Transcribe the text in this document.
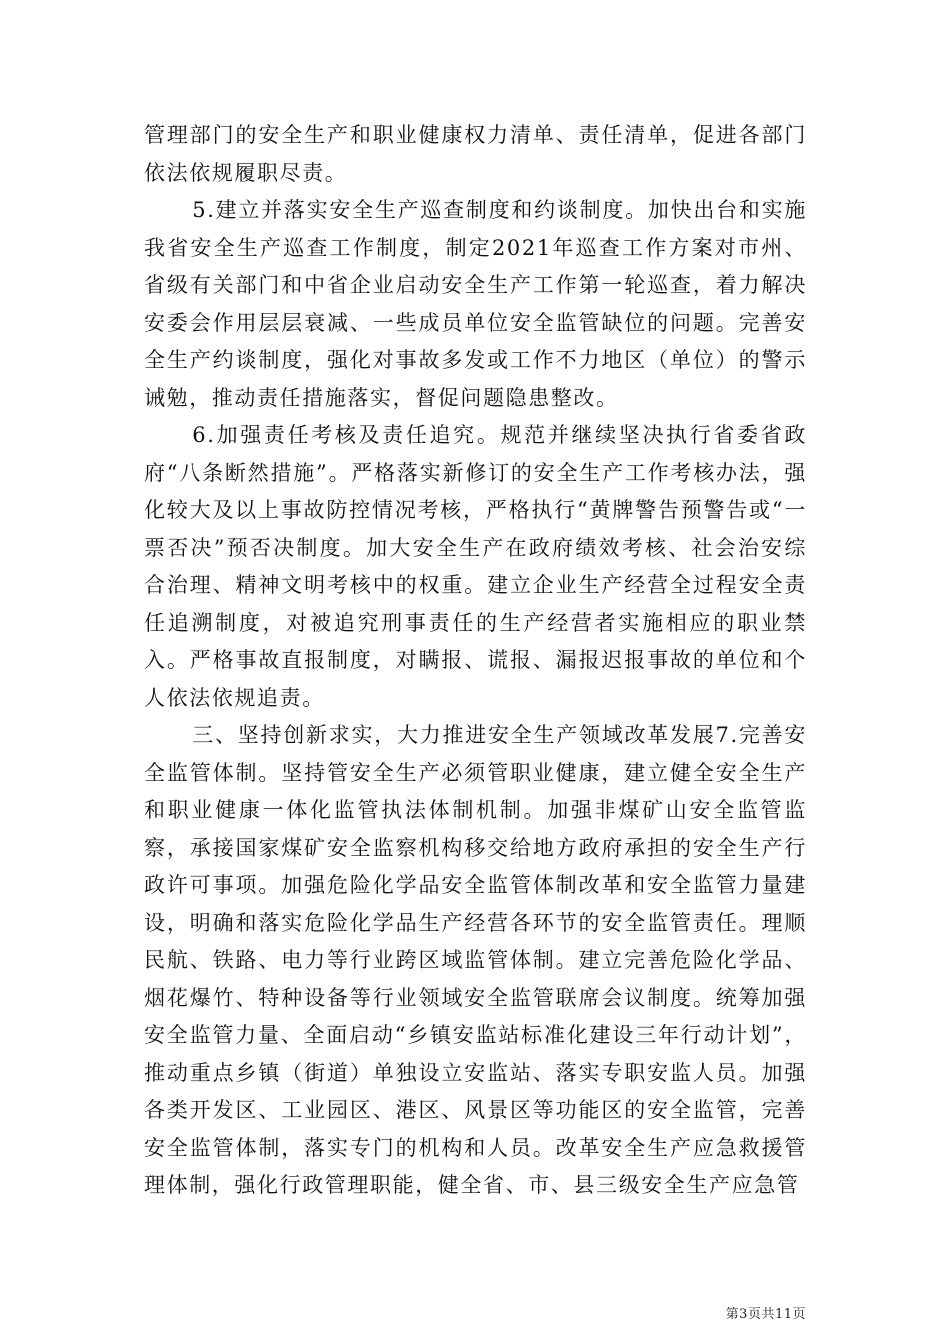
管理部门的安全生产和职业健康权力清单、责任清单，促进各部门依法依规履职尽责。

5.建立并落实安全生产巡查制度和约谈制度。加快出台和实施我省安全生产巡查工作制度，制定2021年巡查工作方案对市州、省级有关部门和中省企业启动安全生产工作第一轮巡查，着力解决安委会作用层层衰减、一些成员单位安全监管缺位的问题。完善安全生产约谈制度，强化对事故多发或工作不力地区（单位）的警示诫勉，推动责任措施落实，督促问题隐患整改。

6.加强责任考核及责任追究。规范并继续坚决执行省委省政府“八条断然措施”。严格落实新修订的安全生产工作考核办法，强化较大及以上事故防控情况考核，严格执行“黄牌警告预警告或“一票否决”预否决制度。加大安全生产在政府绩效考核、社会治安综合治理、精神文明考核中的权重。建立企业生产经营全过程安全责任追溯制度，对被追究刑事责任的生产经营者实施相应的职业禁入。严格事故直报制度，对瞒报、谎报、漏报迟报事故的单位和个人依法依规追责。

三、坚持创新求实，大力推进安全生产领域改革发展7.完善安全监管体制。坚持管安全生产必须管职业健康，建立健全安全生产和职业健康一体化监管执法体制机制。加强非煤矿山安全监管监察，承接国家煤矿安全监察机构移交给地方政府承担的安全生产行政许可事项。加强危险化学品安全监管体制改革和安全监管力量建设，明确和落实危险化学品生产经营各环节的安全监管责任。理顺民航、铁路、电力等行业跨区域监管体制。建立完善危险化学品、烟花爆竹、特种设备等行业领域安全监管联席会议制度。统筹加强安全监管力量、全面启动“乡镇安监站标准化建设三年行动计划”，推动重点乡镇（街道）单独设立安监站、落实专职安监人员。加强各类开发区、工业园区、港区、风景区等功能区的安全监管，完善安全监管体制，落实专门的机构和人员。改革安全生产应急救援管理体制，强化行政管理职能，健全省、市、县三级安全生产应急管

第3页共11页
